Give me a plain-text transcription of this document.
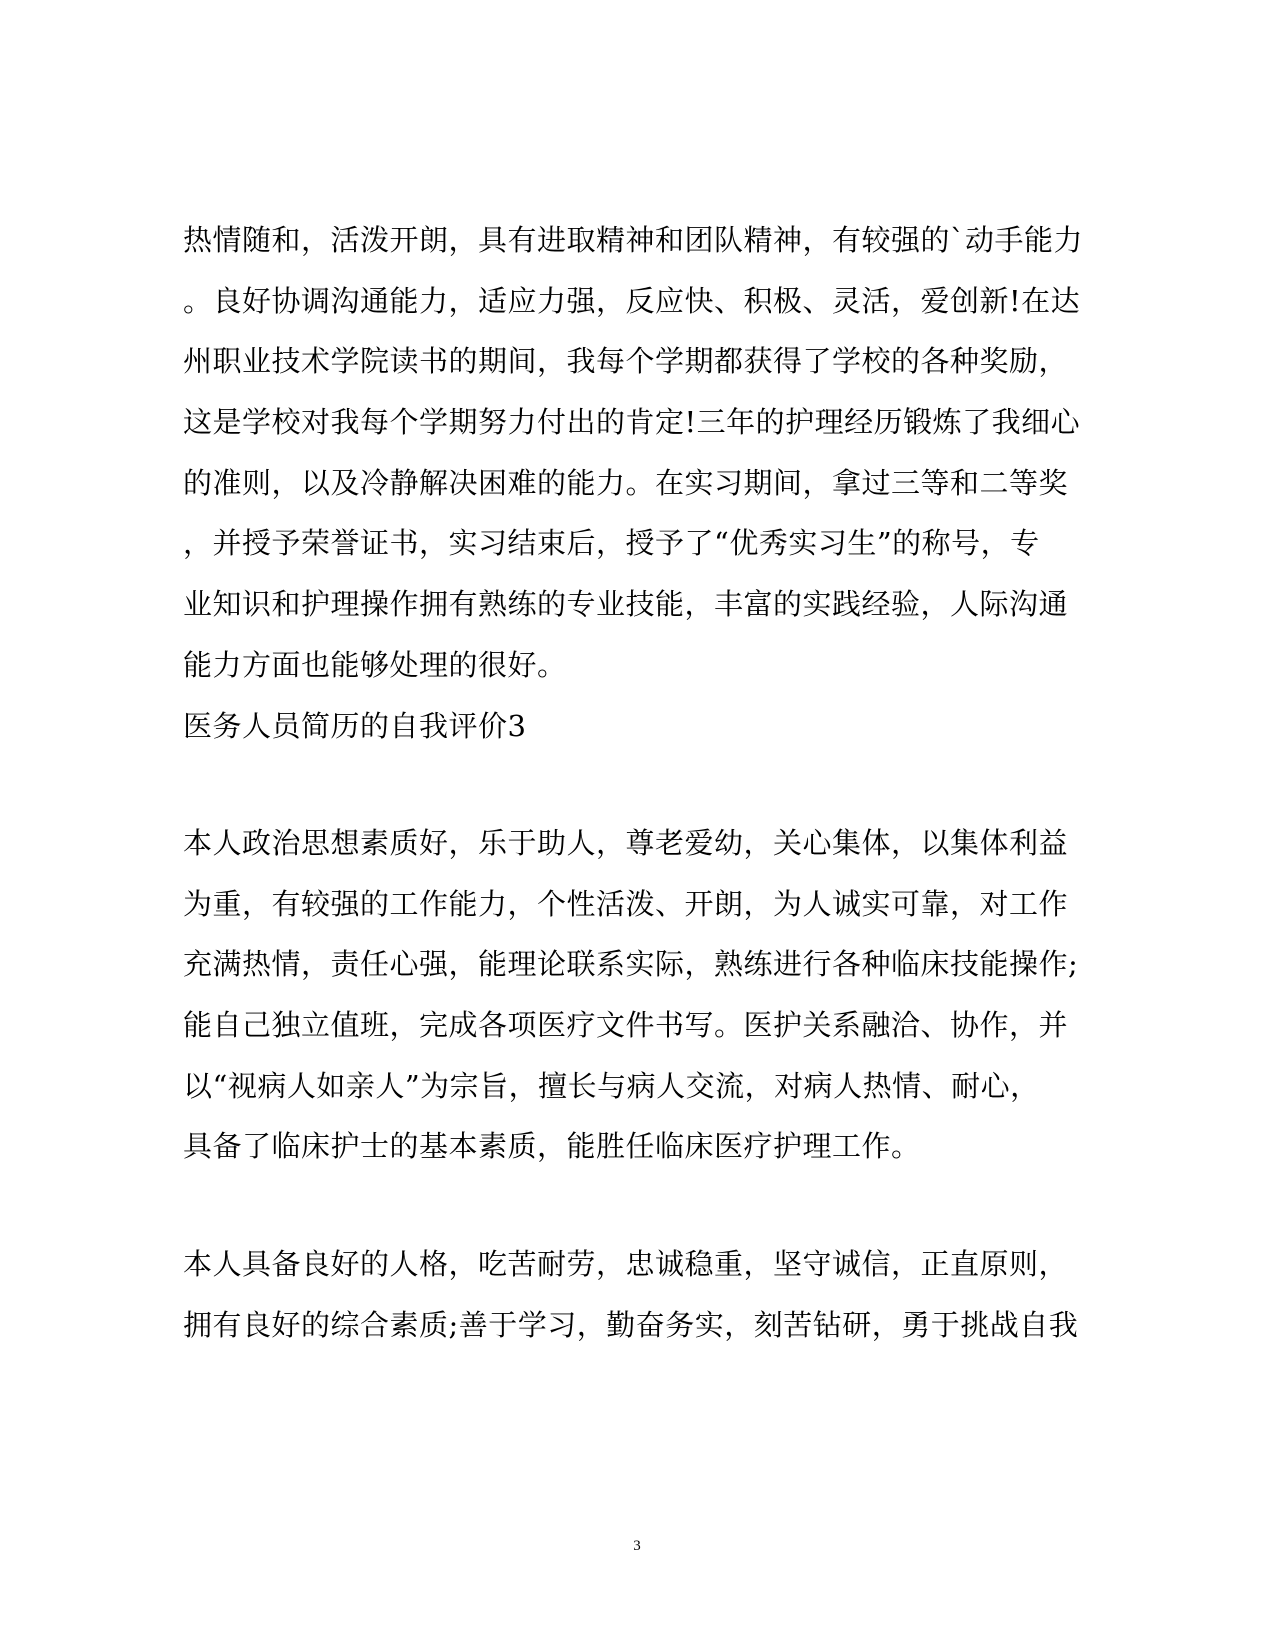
热情随和，活泼开朗，具有进取精神和团队精神，有较强的`动手能力
。良好协调沟通能力，适应力强，反应快、积极、灵活，爱创新!在达
州职业技术学院读书的期间，我每个学期都获得了学校的各种奖励，
这是学校对我每个学期努力付出的肯定!三年的护理经历锻炼了我细心
的准则，以及冷静解决困难的能力。在实习期间，拿过三等和二等奖
，并授予荣誉证书，实习结束后，授予了“优秀实习生”的称号，专
业知识和护理操作拥有熟练的专业技能，丰富的实践经验，人际沟通
能力方面也能够处理的很好。
医务人员简历的自我评价3
本人政治思想素质好，乐于助人，尊老爱幼，关心集体，以集体利益
为重，有较强的工作能力，个性活泼、开朗，为人诚实可靠，对工作
充满热情，责任心强，能理论联系实际，熟练进行各种临床技能操作;
能自己独立值班，完成各项医疗文件书写。医护关系融洽、协作，并
以“视病人如亲人”为宗旨，擅长与病人交流，对病人热情、耐心，
具备了临床护士的基本素质，能胜任临床医疗护理工作。
本人具备良好的人格，吃苦耐劳，忠诚稳重，坚守诚信，正直原则，
拥有良好的综合素质;善于学习，勤奋务实，刻苦钻研，勇于挑战自我
3
